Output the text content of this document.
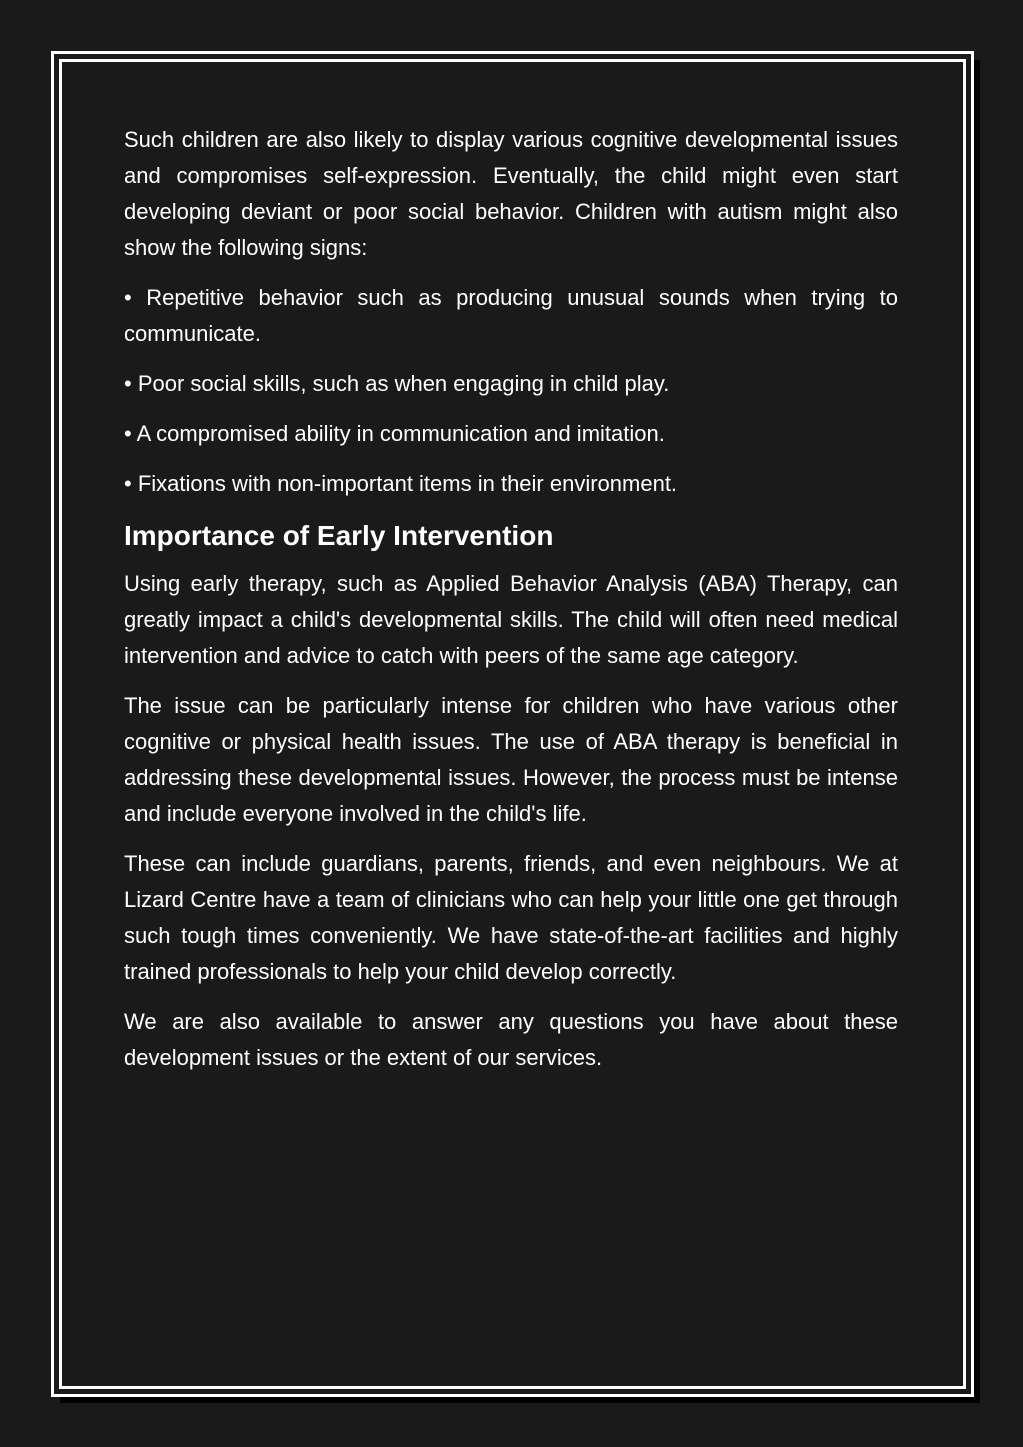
Such children are also likely to display various cognitive developmental issues and compromises self-expression. Eventually, the child might even start developing deviant or poor social behavior. Children with autism might also show the following signs:

• Repetitive behavior such as producing unusual sounds when trying to communicate.

• Poor social skills, such as when engaging in child play.

• A compromised ability in communication and imitation.

• Fixations with non-important items in their environment.

Importance of Early Intervention

Using early therapy, such as Applied Behavior Analysis (ABA) Therapy, can greatly impact a child's developmental skills. The child will often need medical intervention and advice to catch with peers of the same age category.

The issue can be particularly intense for children who have various other cognitive or physical health issues. The use of ABA therapy is beneficial in addressing these developmental issues. However, the process must be intense and include everyone involved in the child's life.

These can include guardians, parents, friends, and even neighbours. We at Lizard Centre have a team of clinicians who can help your little one get through such tough times conveniently. We have state-of-the-art facilities and highly trained professionals to help your child develop correctly.

We are also available to answer any questions you have about these development issues or the extent of our services.
